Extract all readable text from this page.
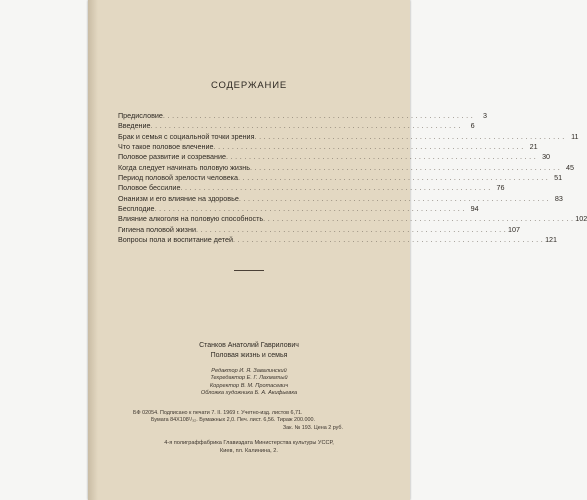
СОДЕРЖАНИЕ
Предисловие . . .	3
Введение . . .	6
Брак и семья с социальной точки зрения . . .	11
Что такое половое влечение . . .	21
Половое развитие и созревание . . .	30
Когда следует начинать половую жизнь . . .	45
Период половой зрелости человека . . .	51
Половое бессилие . . .	76
Онанизм и его влияние на здоровье . . .	83
Бесплодие . . .	94
Влияние алкоголя на половую способность . . .	102
Гигиена половой жизни . . .	107
Вопросы пола и воспитание детей . . .	121
Станков Анатолий Гаврилович
Половая жизнь и семья
Редактор И. Я. Завалинский
Техредактор Е. Г. Лахматый
Корректор В. М. Протасевич
Обложка художника Б. А. Акифьевка
БФ 02054. Подписано к печати 7. II. 1969 г. Учетно-изд. листов 6,71.
Бумага 84Х108¹/₃₂. Бумажных 2,0. Печ. лист. 6,56. Тираж 200.000.
Зак. № 193. Цена 2 руб.
4-я полиграффабрика Главиздата Министерства культуры УССР,
Киев, пл. Калинина, 2.
